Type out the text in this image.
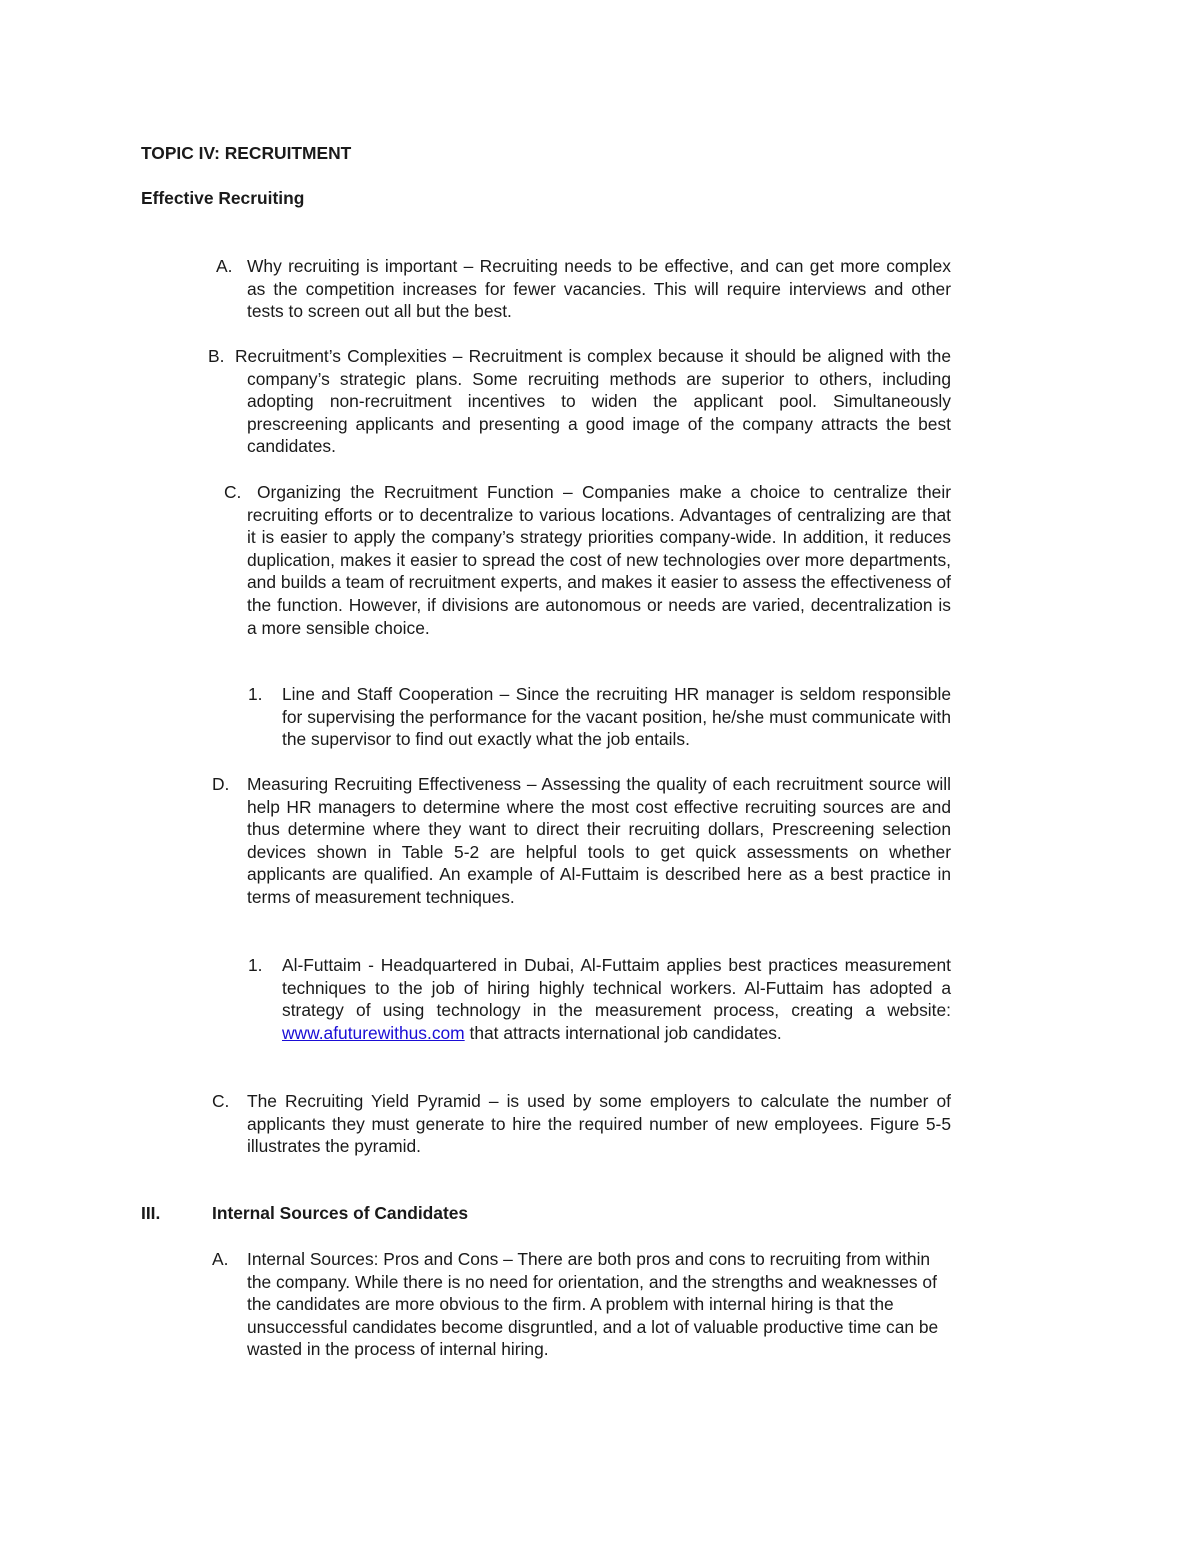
TOPIC IV: RECRUITMENT
Effective Recruiting
A. Why recruiting is important – Recruiting needs to be effective, and can get more complex as the competition increases for fewer vacancies. This will require interviews and other tests to screen out all but the best.
B. Recruitment’s Complexities – Recruitment is complex because it should be aligned with the company’s strategic plans. Some recruiting methods are superior to others, including adopting non-recruitment incentives to widen the applicant pool. Simultaneously prescreening applicants and presenting a good image of the company attracts the best candidates.
C. Organizing the Recruitment Function – Companies make a choice to centralize their recruiting efforts or to decentralize to various locations. Advantages of centralizing are that it is easier to apply the company’s strategy priorities company-wide. In addition, it reduces duplication, makes it easier to spread the cost of new technologies over more departments, and builds a team of recruitment experts, and makes it easier to assess the effectiveness of the function. However, if divisions are autonomous or needs are varied, decentralization is a more sensible choice.
1. Line and Staff Cooperation – Since the recruiting HR manager is seldom responsible for supervising the performance for the vacant position, he/she must communicate with the supervisor to find out exactly what the job entails.
D. Measuring Recruiting Effectiveness – Assessing the quality of each recruitment source will help HR managers to determine where the most cost effective recruiting sources are and thus determine where they want to direct their recruiting dollars, Prescreening selection devices shown in Table 5-2 are helpful tools to get quick assessments on whether applicants are qualified. An example of Al-Futtaim is described here as a best practice in terms of measurement techniques.
1. Al-Futtaim - Headquartered in Dubai, Al-Futtaim applies best practices measurement techniques to the job of hiring highly technical workers. Al-Futtaim has adopted a strategy of using technology in the measurement process, creating a website: www.afuturewithus.com that attracts international job candidates.
C. The Recruiting Yield Pyramid – is used by some employers to calculate the number of applicants they must generate to hire the required number of new employees. Figure 5-5 illustrates the pyramid.
III.	Internal Sources of Candidates
A. Internal Sources: Pros and Cons – There are both pros and cons to recruiting from within the company. While there is no need for orientation, and the strengths and weaknesses of the candidates are more obvious to the firm. A problem with internal hiring is that the unsuccessful candidates become disgruntled, and a lot of valuable productive time can be wasted in the process of internal hiring.
